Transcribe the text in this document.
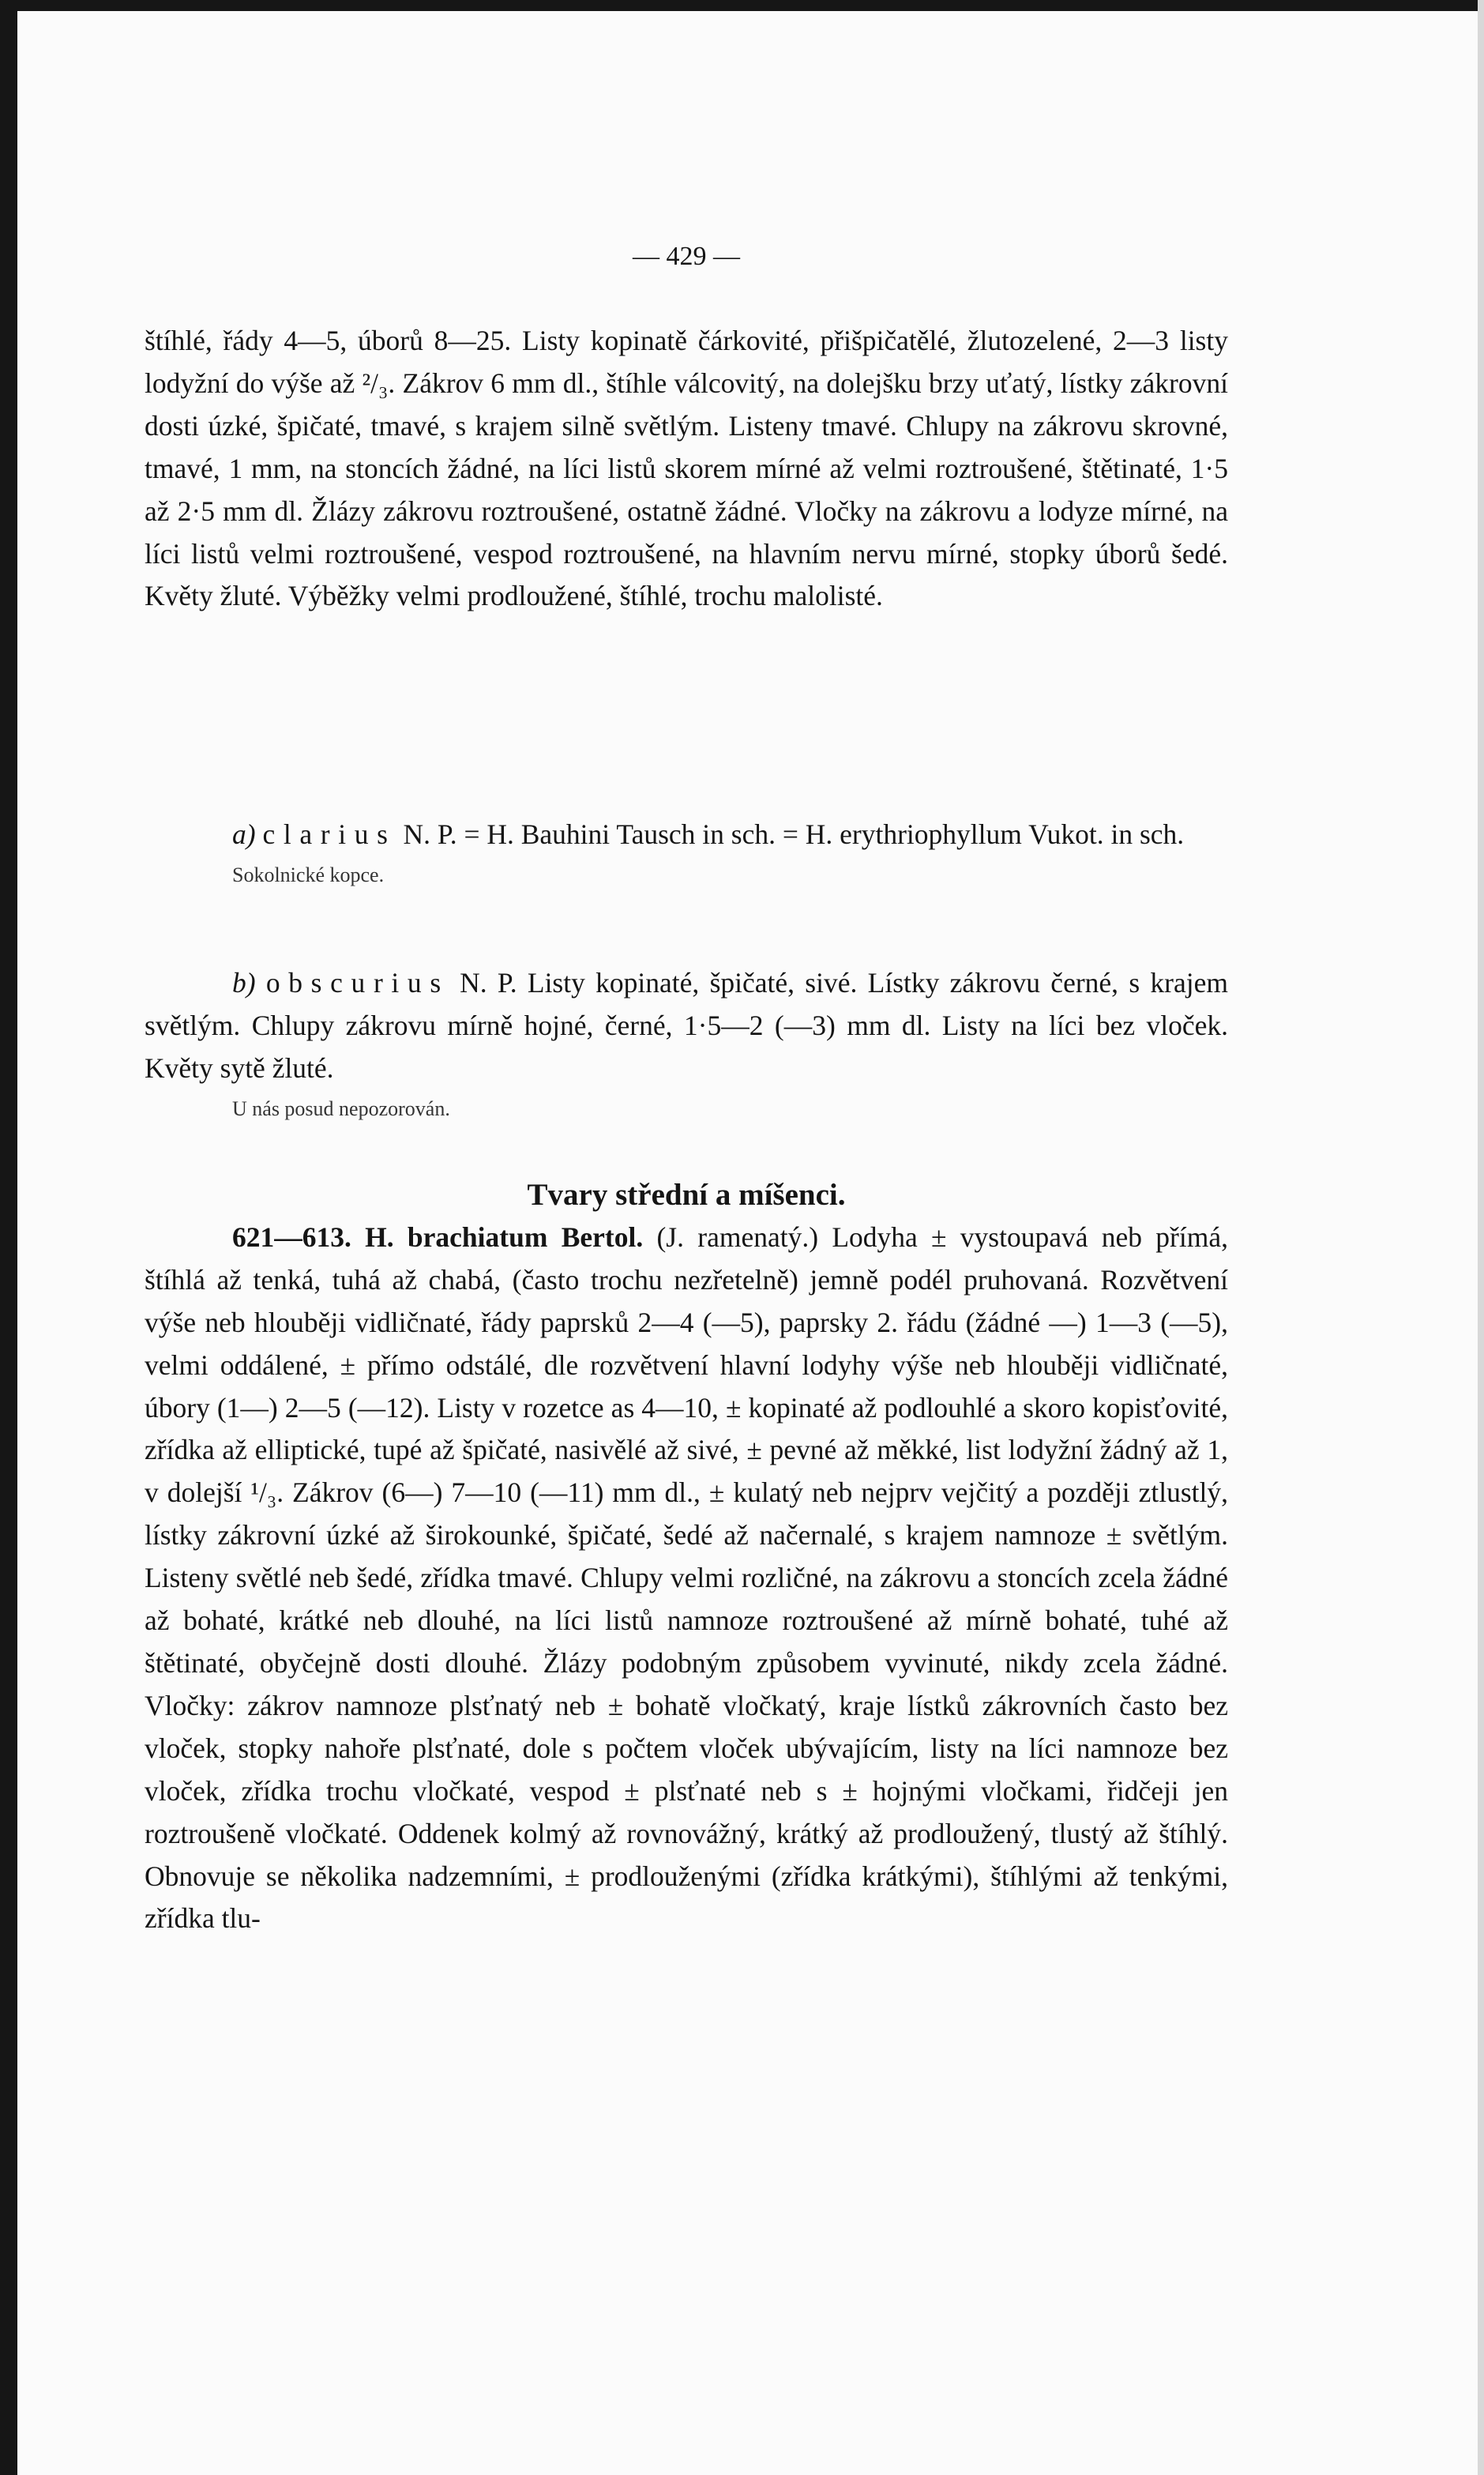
— 429 —

štíhlé, řády 4—5, úborů 8—25. Listy kopinatě čárkovité, přišpičatělé, žlutozelené, 2—3 listy lodyžní do výše až ²/₃. Zákrov 6 mm dl., štíhle válcovitý, na dolejšku brzy uťatý, lístky zákrovní dosti úzké, špičaté, tmavé, s krajem silně světlým. Listeny tmavé. Chlupy na zákrovu skrovné, tmavé, 1 mm, na stoncích žádné, na líci listů skorem mírné až velmi roztroušené, štětinaté, 1·5 až 2·5 mm dl. Žlázy zákrovu roztroušené, ostatně žádné. Vločky na zákrovu a lodyze mírné, na líci listů velmi roztroušené, vespod roztroušené, na hlavním nervu mírné, stopky úborů šedé. Květy žluté. Výběžky velmi prodloužené, štíhlé, trochu malolisté.

a) clarius N. P. = H. Bauhini Tausch in sch. = H. erythriophyllum Vukot. in sch.

Sokolnické kopce.

b) obscurius N. P. Listy kopinaté, špičaté, sivé. Lístky zákrovu černé, s krajem světlým. Chlupy zákrovu mírně hojné, černé, 1·5—2 (—3) mm dl. Listy na líci bez vloček. Květy sytě žluté.

U nás posud nepozorován.

Tvary střední a míšenci.

621—613. H. brachiatum Bertol. (J. ramenatý.) Lodyha ± vystoupavá neb přímá, štíhlá až tenká, tuhá až chabá, (často trochu nezřetelně) jemně podél pruhovaná. Rozvětvení výše neb hlouběji vidličnaté, řády paprsků 2—4 (—5), paprsky 2. řádu (žádné —) 1—3 (—5), velmi oddálené, ± přímo odstálé, dle rozvětvení hlavní lodyhy výše neb hlouběji vidličnaté, úbory (1—) 2—5 (—12). Listy v rozetce as 4—10, ± kopinaté až podlouhlé a skoro kopisťovité, zřídka až elliptické, tupé až špičaté, nasivělé až sivé, ± pevné až měkké, list lodyžní žádný až 1, v dolejší ¹/₃. Zákrov (6—) 7—10 (—11) mm dl., ± kulatý neb nejprv vejčitý a později ztlustlý, lístky zákrovní úzké až širokounké, špičaté, šedé až načernalé, s krajem namnoze ± světlým. Listeny světlé neb šedé, zřídka tmavé. Chlupy velmi rozličné, na zákrovu a stoncích zcela žádné až bohaté, krátké neb dlouhé, na líci listů namnoze roztroušené až mírně bohaté, tuhé až štětinaté, obyčejně dosti dlouhé. Žlázy podobným způsobem vyvinuté, nikdy zcela žádné. Vločky: zákrov namnoze plsťnatý neb ± bohatě vločkatý, kraje lístků zákrovních často bez vloček, stopky nahoře plsťnaté, dole s počtem vloček ubývajícím, listy na líci namnoze bez vloček, zřídka trochu vločkaté, vespod ± plsťnaté neb s ± hojnými vločkami, řidčeji jen roztroušeně vločkaté. Oddenek kolmý až rovnovážný, krátký až prodloužený, tlustý až štíhlý. Obnovuje se několika nadzemními, ± prodlouženými (zřídka krátkými), štíhlými až tenkými, zřídka tlu-
